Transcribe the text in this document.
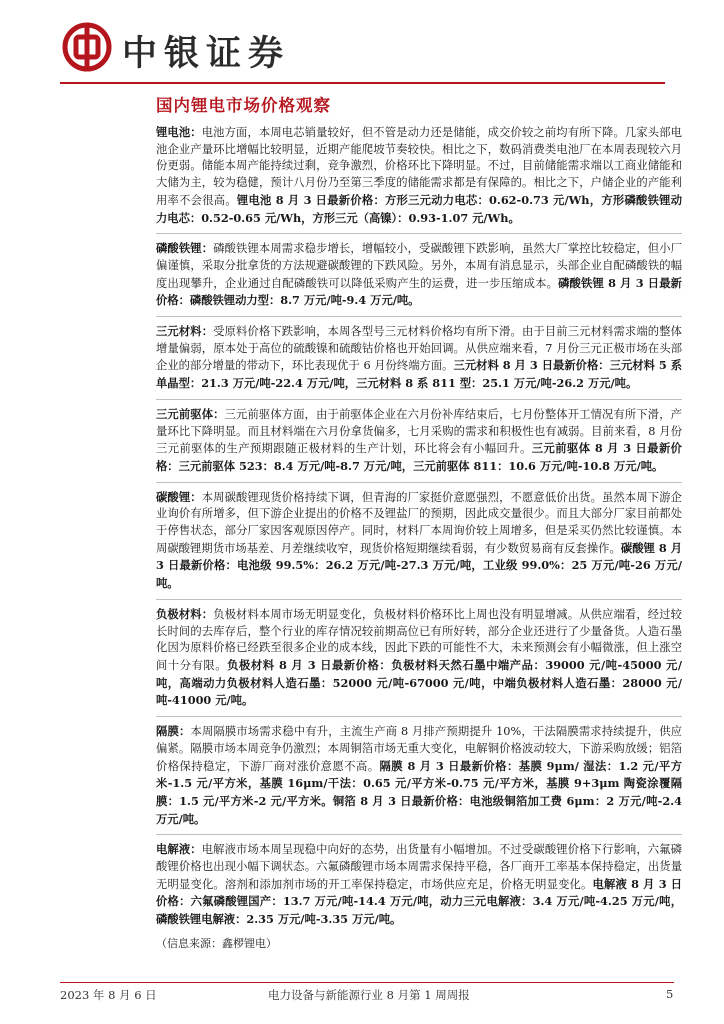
中银证券
国内锂电市场价格观察

锂电池：电池方面，本周电芯销量较好，但不管是动力还是储能，成交价较之前均有所下降。几家头部电池企业产量环比增幅比较明显，近期产能爬坡节奏较快。相比之下，数码消费类电池厂在本周表现较六月份更弱。储能本周产能持续过剩，竞争激烈，价格环比下降明显。不过，目前储能需求端以工商业储能和大储为主，较为稳健，预计八月份乃至第三季度的储能需求都是有保障的。相比之下，户储企业的产能利用率不会很高。锂电池 8 月 3 日最新价格：方形三元动力电芯：0.62-0.73 元/Wh，方形磷酸铁锂动力电芯：0.52-0.65 元/Wh，方形三元（高镍）：0.93-1.07 元/Wh。

磷酸铁锂：磷酸铁锂本周需求稳步增长，增幅较小，受碳酸锂下跌影响，虽然大厂掌控比较稳定，但小厂偏谨慎，采取分批拿货的方法规避碳酸锂的下跌风险。另外，本周有消息显示，头部企业自配磷酸铁的幅度出现攀升，企业通过自配磷酸铁可以降低采购产生的运费，进一步压缩成本。磷酸铁锂 8 月 3 日最新价格：磷酸铁锂动力型：8.7 万元/吨-9.4 万元/吨。

三元材料：受原料价格下跌影响，本周各型号三元材料价格均有所下滑。由于目前三元材料需求端的整体增量偏弱，原本处于高位的硫酸镍和硫酸钴价格也开始回调。从供应端来看，7 月份三元正极市场在头部企业的部分增量的带动下，环比表现优于 6 月份终端方面。三元材料 8 月 3 日最新价格：三元材料 5 系单晶型：21.3 万元/吨-22.4 万元/吨，三元材料 8 系 811 型：25.1 万元/吨-26.2 万元/吨。

三元前驱体：三元前驱体方面，由于前驱体企业在六月份补库结束后，七月份整体开工情况有所下滑，产量环比下降明显。而且材料端在六月份拿货偏多，七月采购的需求和积极性也有减弱。目前来看，8 月份三元前驱体的生产预期跟随正极材料的生产计划，环比将会有小幅回升。三元前驱体 8 月 3 日最新价格：三元前驱体 523：8.4 万元/吨-8.7 万元/吨，三元前驱体 811：10.6 万元/吨-10.8 万元/吨。

碳酸锂：本周碳酸锂现货价格持续下调，但青海的厂家挺价意愿强烈，不愿意低价出货。虽然本周下游企业询价有所增多，但下游企业提出的价格不及锂盐厂的预期，因此成交量很少。而且大部分厂家目前都处于停售状态，部分厂家因客观原因停产。同时，材料厂本周询价较上周增多，但是采买仍然比较谨慎。本周碳酸锂期货市场基差、月差继续收窄，现货价格短期继续看弱，有少数贸易商有反套操作。碳酸锂 8 月 3 日最新价格：电池级 99.5%：26.2 万元/吨-27.3 万元/吨，工业级 99.0%：25 万元/吨-26 万元/吨。

负极材料：负极材料本周市场无明显变化，负极材料价格环比上周也没有明显增减。从供应端看，经过较长时间的去库存后，整个行业的库存情况较前期高位已有所好转，部分企业还进行了少量备货。人造石墨化因为原料价格已经跌至很多企业的成本线，因此下跌的可能性不大，未来预测会有小幅微涨，但上涨空间十分有限。负极材料 8 月 3 日最新价格：负极材料天然石墨中端产品：39000 元/吨-45000 元/吨，高端动力负极材料人造石墨：52000 元/吨-67000 元/吨，中端负极材料人造石墨：28000 元/吨-41000 元/吨。

隔膜：本周隔膜市场需求稳中有升，主流生产商 8 月排产预期提升 10%，干法隔膜需求持续提升，供应偏紧。隔膜市场本周竞争仍激烈；本周铜箔市场无重大变化，电解铜价格波动较大，下游采购放缓；铝箔价格保持稳定，下游厂商对涨价意愿不高。隔膜 8 月 3 日最新价格：基膜 9μm/ 湿法：1.2 元/平方米-1.5 元/平方米，基膜 16μm/干法：0.65 元/平方米-0.75 元/平方米，基膜 9+3μm 陶瓷涂覆隔膜：1.5 元/平方米-2 元/平方米。铜箔 8 月 3 日最新价格：电池级铜箔加工费 6μm：2 万元/吨-2.4 万元/吨。

电解液：电解液市场本周呈现稳中向好的态势，出货量有小幅增加。不过受碳酸锂价格下行影响，六氟磷酸锂价格也出现小幅下调状态。六氟磷酸锂市场本周需求保持平稳，各厂商开工率基本保持稳定，出货量无明显变化。溶剂和添加剂市场的开工率保持稳定，市场供应充足，价格无明显变化。电解液 8 月 3 日价格：六氟磷酸锂国产：13.7 万元/吨-14.4 万元/吨，动力三元电解液：3.4 万元/吨-4.25 万元/吨，磷酸铁锂电解液：2.35 万元/吨-3.35 万元/吨。

（信息来源：鑫椤锂电）
2023 年 8 月 6 日	电力设备与新能源行业 8 月第 1 周周报	5
